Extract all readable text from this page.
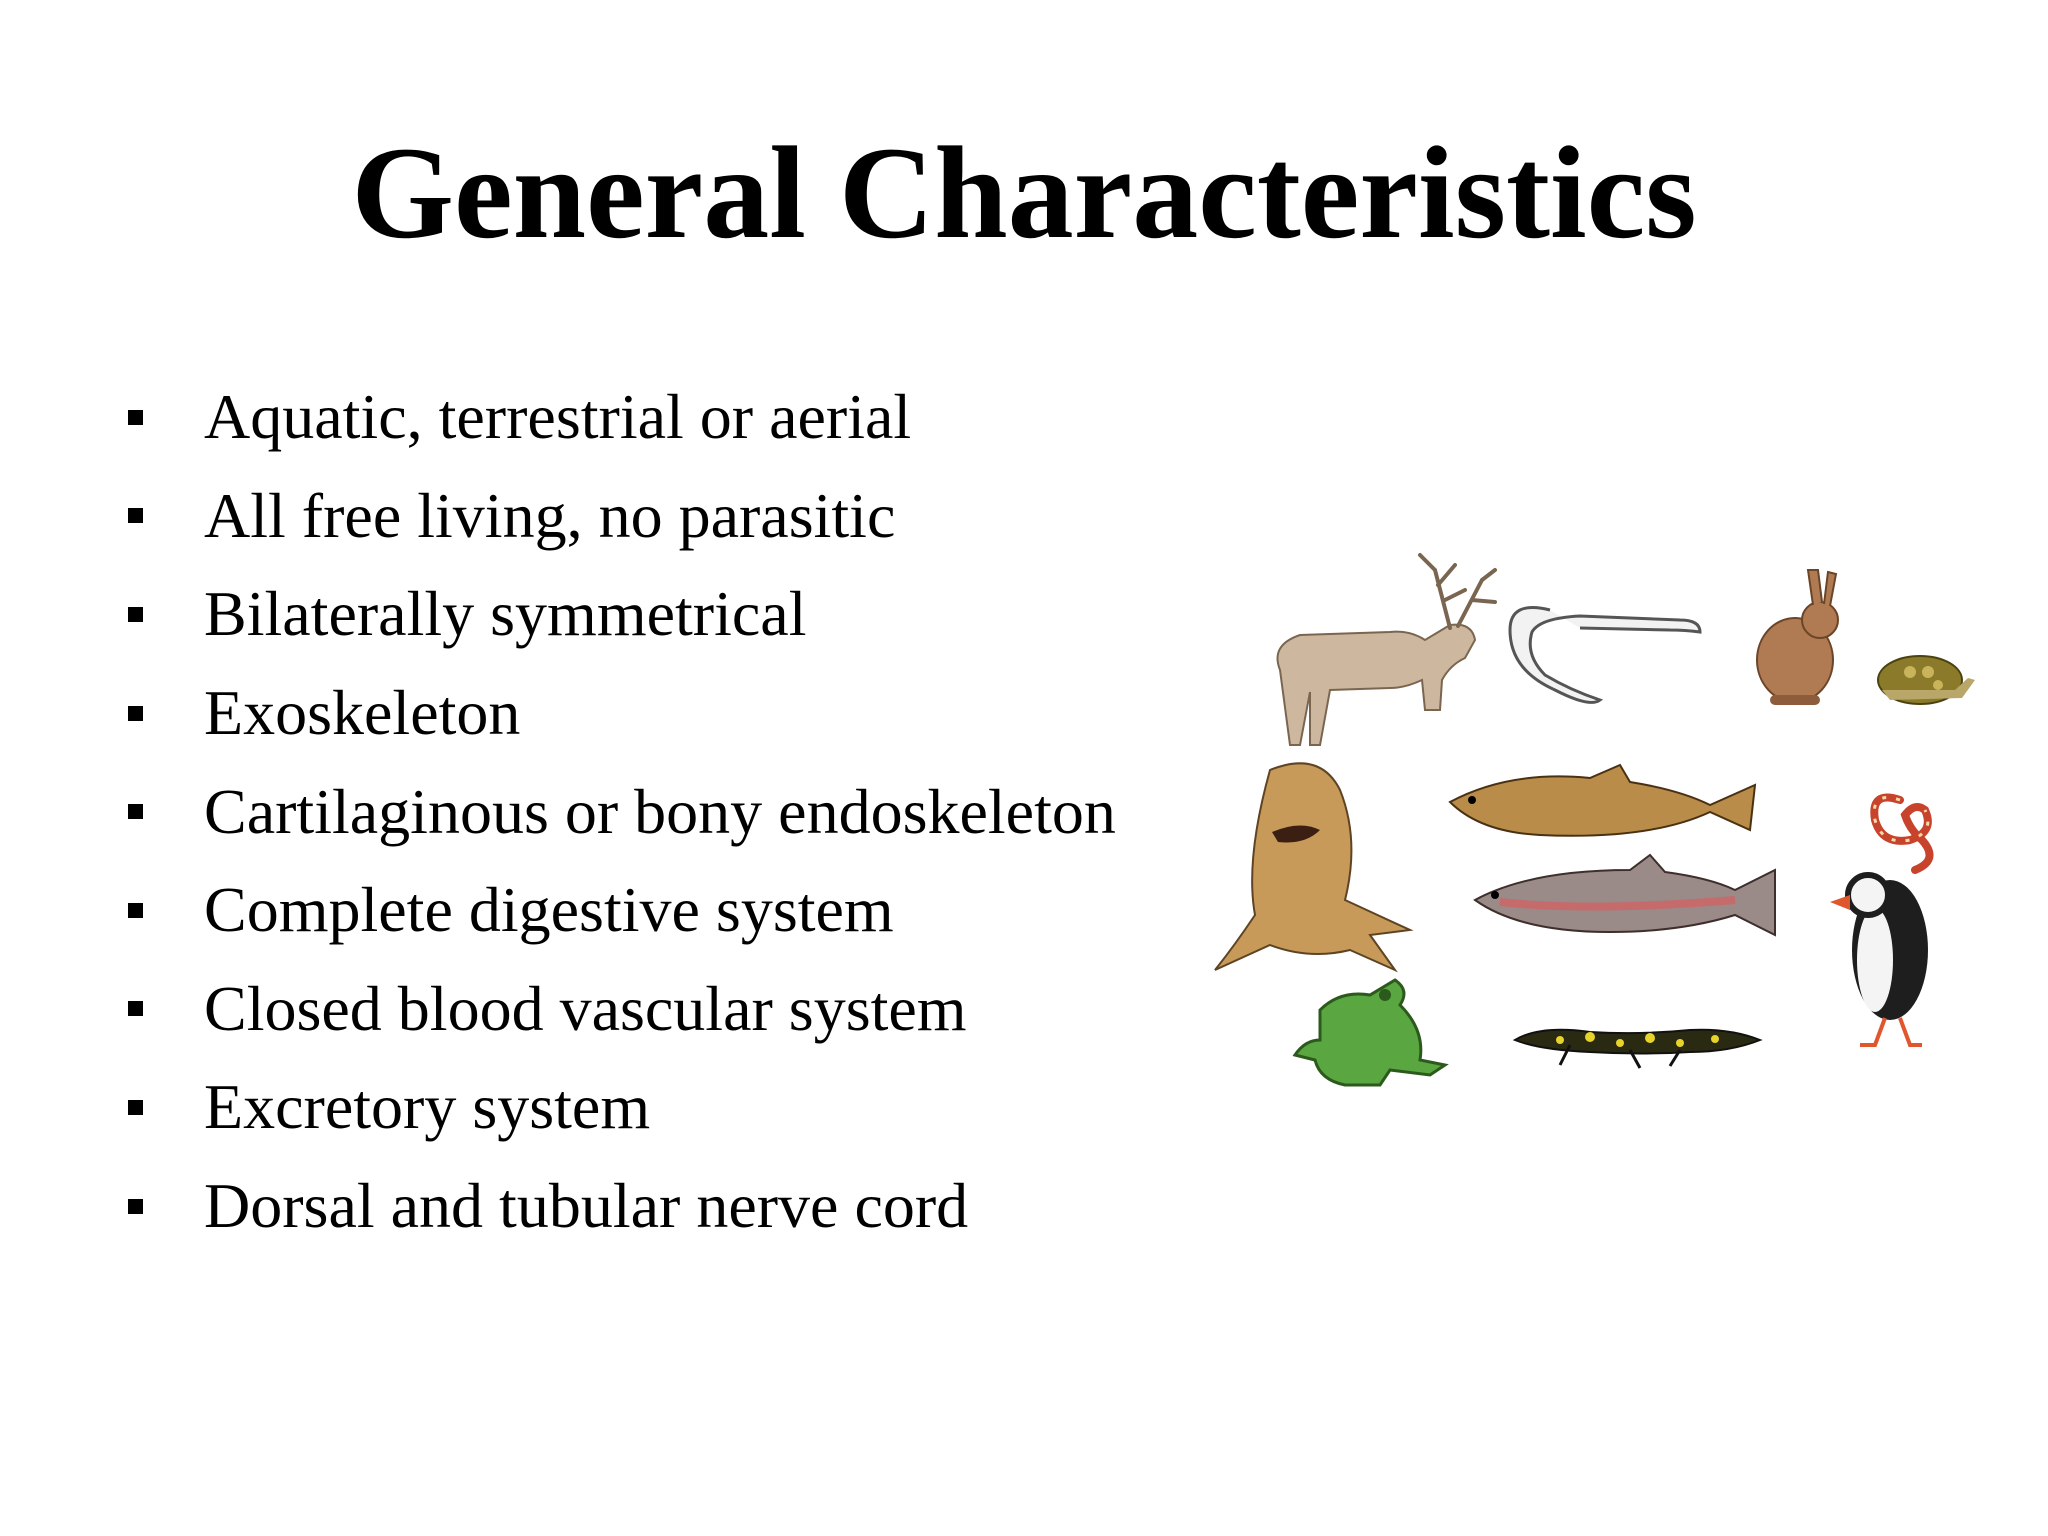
General Characteristics
Aquatic, terrestrial or aerial
All free living, no parasitic
Bilaterally symmetrical
Exoskeleton
Cartilaginous or bony endoskeleton
Complete digestive system
Closed blood vascular system
Excretory system
Dorsal and tubular nerve cord
